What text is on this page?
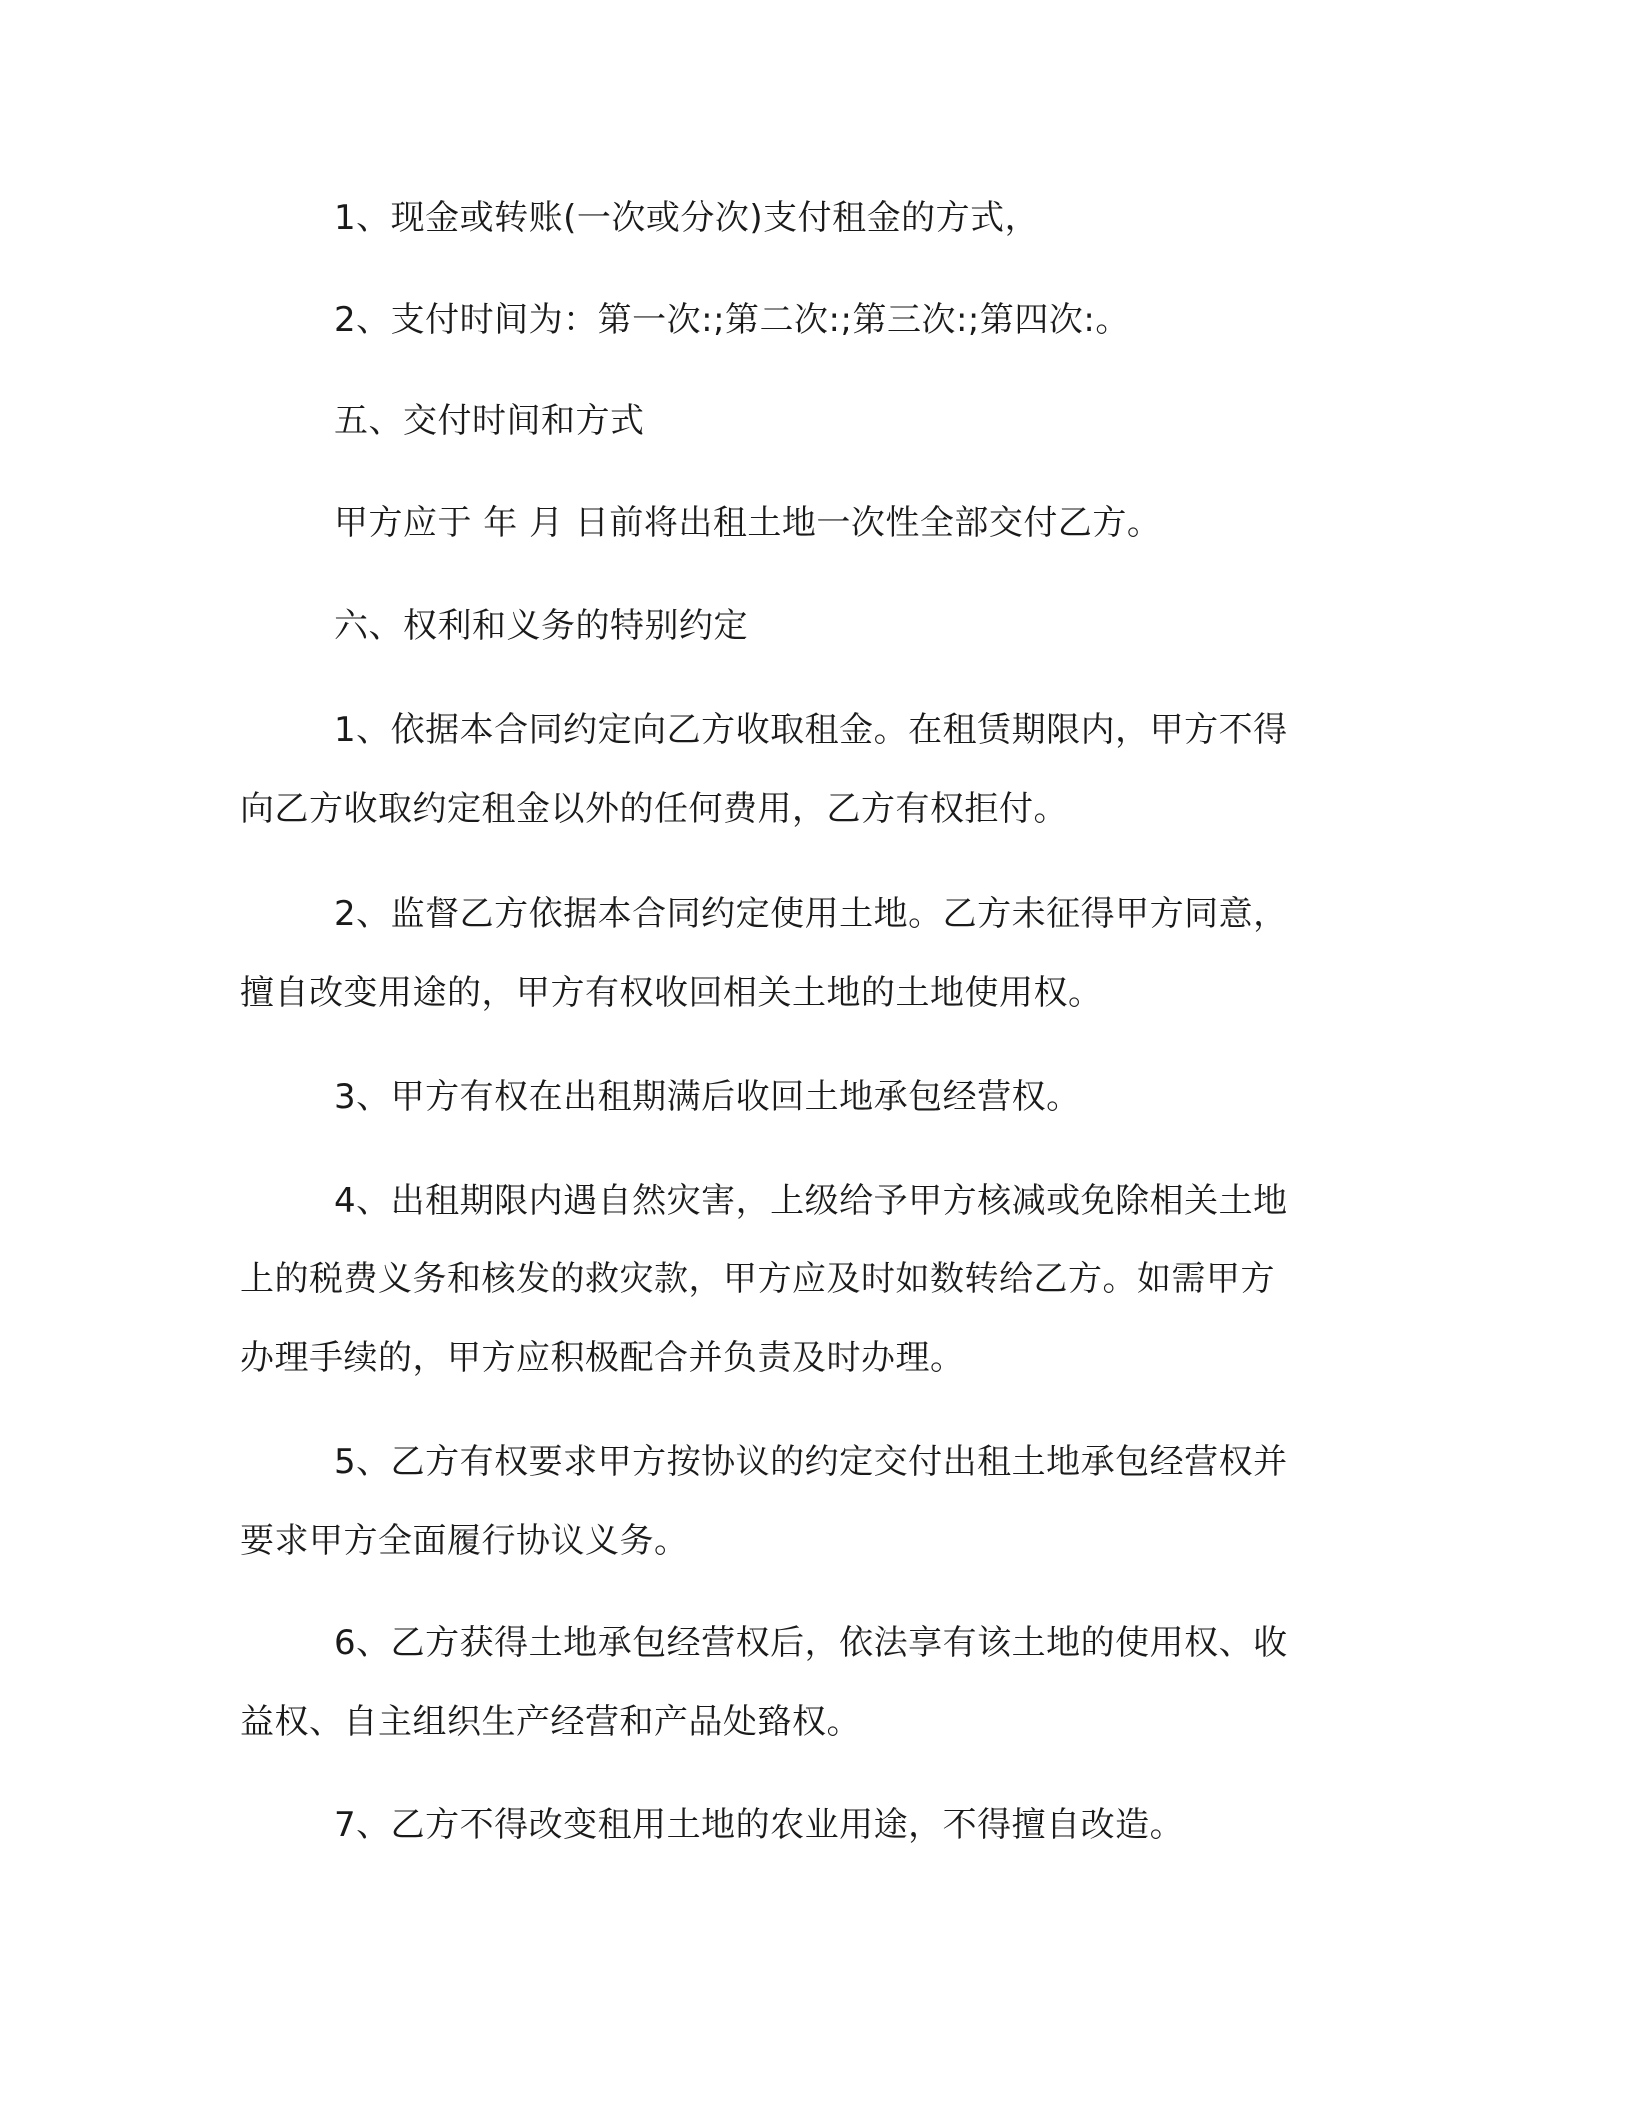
1、现金或转账(一次或分次)支付租金的方式，
2、支付时间为：第一次:;第二次:;第三次:;第四次:。
五、交付时间和方式
甲方应于 年 月 日前将出租土地一次性全部交付乙方。
六、权利和义务的特别约定
1、依据本合同约定向乙方收取租金。在租赁期限内，甲方不得
向乙方收取约定租金以外的任何费用，乙方有权拒付。
2、监督乙方依据本合同约定使用土地。乙方未征得甲方同意，
擅自改变用途的，甲方有权收回相关土地的土地使用权。
3、甲方有权在出租期满后收回土地承包经营权。
4、出租期限内遇自然灾害，上级给予甲方核减或免除相关土地
上的税费义务和核发的救灾款，甲方应及时如数转给乙方。如需甲方
办理手续的，甲方应积极配合并负责及时办理。
5、乙方有权要求甲方按协议的约定交付出租土地承包经营权并
要求甲方全面履行协议义务。
6、乙方获得土地承包经营权后，依法享有该土地的使用权、收
益权、自主组织生产经营和产品处臵权。
7、乙方不得改变租用土地的农业用途，不得擅自改造。
